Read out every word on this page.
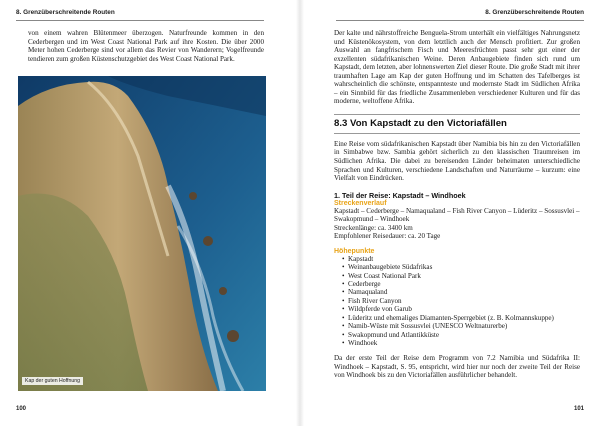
8. Grenzüberschreitende Routen

von einem wahren Blütenmeer überzogen. Naturfreunde kommen in den Cederbergen und im West Coast National Park auf ihre Kosten. Die über 2000 Meter hohen Cederberge sind vor allem das Revier von Wanderern; Vogelfreunde tendieren zum großen Küstenschutzgebiet des West Coast National Park.

Kap der guten Hoffnung
100
8. Grenzüberschreitende Routen

Der kalte und nährstoffreiche Benguela-Strom unterhält ein vielfältiges Nahrungsnetz und Küstenökosystem, von dem letztlich auch der Mensch profitiert. Zur großen Auswahl an fangfrischem Fisch und Meeresfrüchten passt sehr gut einer der exzellenten südafrikanischen Weine. Deren Anbaugebiete finden sich rund um Kapstadt, dem letzten, aber lohnenswerten Ziel dieser Route. Die große Stadt mit ihrer traumhaften Lage am Kap der guten Hoffnung und im Schatten des Tafelberges ist wahrscheinlich die schönste, entspannteste und modernste Stadt im Südlichen Afrika – ein Sinnbild für das friedliche Zusammenleben verschiedener Kulturen und für das moderne, weltoffene Afrika.

8.3 Von Kapstadt zu den Victoriafällen

Eine Reise vom südafrikanischen Kapstadt über Namibia bis hin zu den Victoriafällen in Simbabwe bzw. Sambia gehört sicherlich zu den klassischen Traumreisen im Südlichen Afrika. Die dabei zu bereisenden Länder beheimaten unterschiedliche Sprachen und Kulturen, verschiedene Landschaften und Naturräume – kurzum: eine Vielfalt von Eindrücken.

1. Teil der Reise: Kapstadt – Windhoek
Streckenverlauf

Kapstadt – Cederberge – Namaqualand – Fish River Canyon – Lüderitz – Sossusvlei – Swakopmund – Windhoek

Streckenlänge: ca. 3400 km

Empfohlener Reisedauer: ca. 20 Tage

Höhepunkte
• Kapstadt
• Weinanbaugebiete Südafrikas
• West Coast National Park
• Cederberge
• Namaqualand
• Fish River Canyon
• Wildpferde von Garub
• Lüderitz und ehemaliges Diamanten-Sperrgebiet (z. B. Kolmannskuppe)
• Namib-Wüste mit Sossusvlei (UNESCO Weltnaturerbe)
• Swakopmund und Atlantikküste
• Windhoek

Da der erste Teil der Reise dem Programm von 7.2 Namibia und Südafrika II: Windhoek – Kapstadt, S. 95, entspricht, wird hier nur noch der zweite Teil der Reise von Windhoek bis zu den Victoriafällen ausführlicher behandelt.

101
